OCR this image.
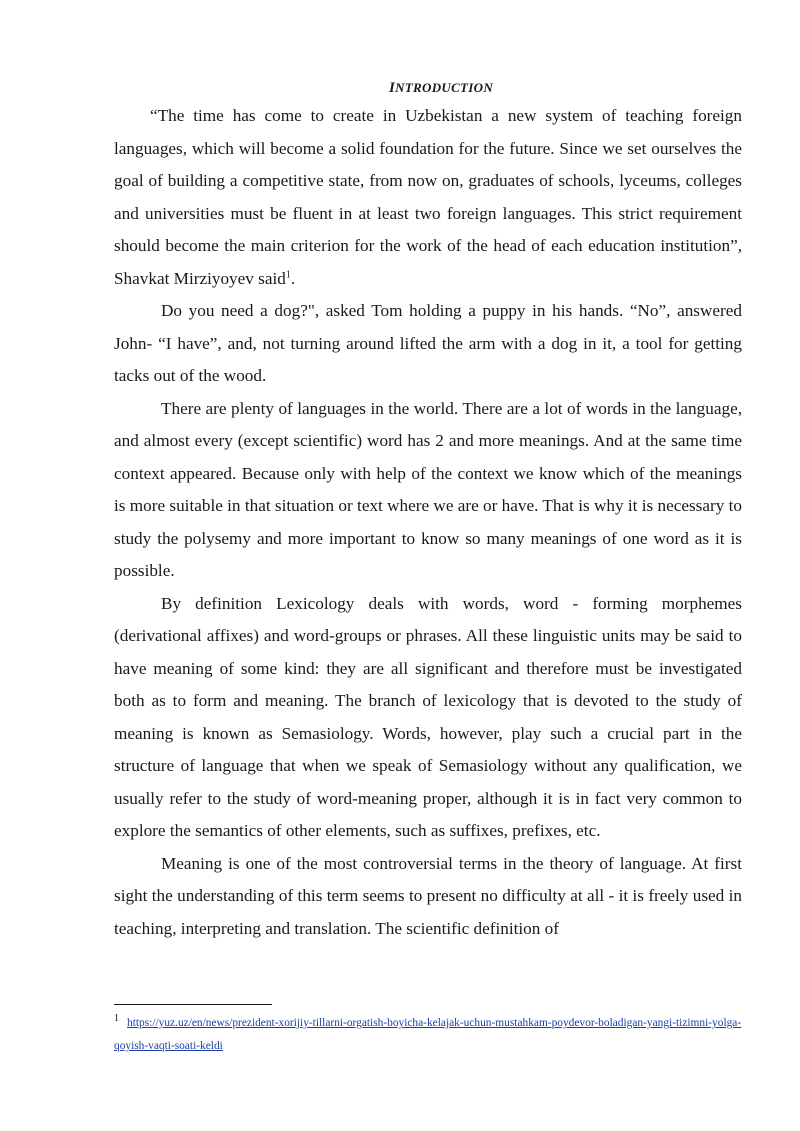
INTRODUCTION

“The time has come to create in Uzbekistan a new system of teaching foreign languages, which will become a solid foundation for the future. Since we set ourselves the goal of building a competitive state, from now on, graduates of schools, lyceums, colleges and universities must be fluent in at least two foreign languages. This strict requirement should become the main criterion for the work of the head of each education institution”, Shavkat Mirziyoyev said$^1$.

Do you need a dog?", asked Tom holding a puppy in his hands. “No”, answered John- “I have”, and, not turning around lifted the arm with a dog in it, a tool for getting tacks out of the wood.

There are plenty of languages in the world. There are a lot of words in the language, and almost every (except scientific) word has 2 and more meanings. And at the same time context appeared. Because only with help of the context we know which of the meanings is more suitable in that situation or text where we are or have. That is why it is necessary to study the polysemy and more important to know so many meanings of one word as it is possible.

By definition Lexicology deals with words, word - forming morphemes (derivational affixes) and word-groups or phrases. All these linguistic units may be said to have meaning of some kind: they are all significant and therefore must be investigated both as to form and meaning. The branch of lexicology that is devoted to the study of meaning is known as Semasiology. Words, however, play such a crucial part in the structure of language that when we speak of Semasiology without any qualification, we usually refer to the study of word-meaning proper, although it is in fact very common to explore the semantics of other elements, such as suffixes, prefixes, etc.

Meaning is one of the most controversial terms in the theory of language. At first sight the understanding of this term seems to present no difficulty at all - it is freely used in teaching, interpreting and translation. The scientific definition of

1 https://yuz.uz/en/news/prezident-xorijiy-tillarni-orgatish-boyicha-kelajak-uchun-mustahkam-poydevor-boladigan-yangi-tizimni-yolga-qoyish-vaqti-soati-keldi
